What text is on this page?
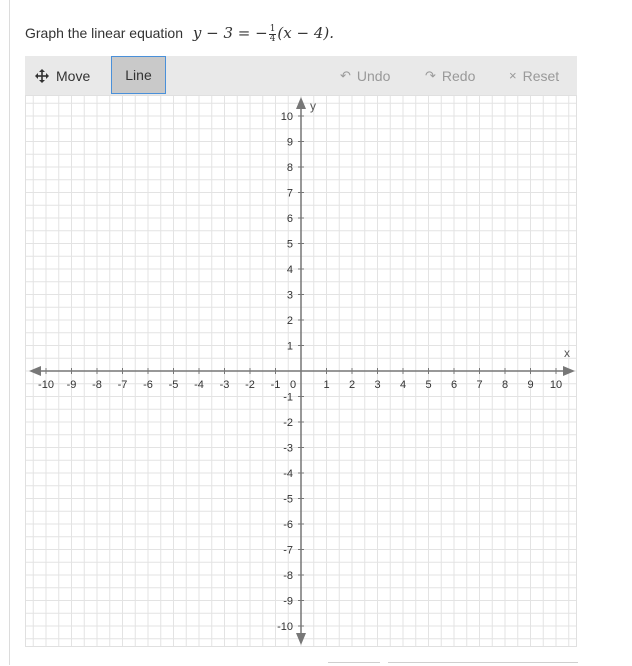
Graph the linear equation y − 3 = − $\frac{1}{4} (x - 4)$.
Move	Line	↶ Undo	↷ Redo	× Reset
-10 -9 -8 -7 -6 -5 -4 -3 -2 -1 0 1 2 3 4 5 6 7 8 9 10
10
9
8
7
6
5
4
3
2
1
-1
-2
-3
-4
-5
-6
-7
-8
-9
-10
x
y
